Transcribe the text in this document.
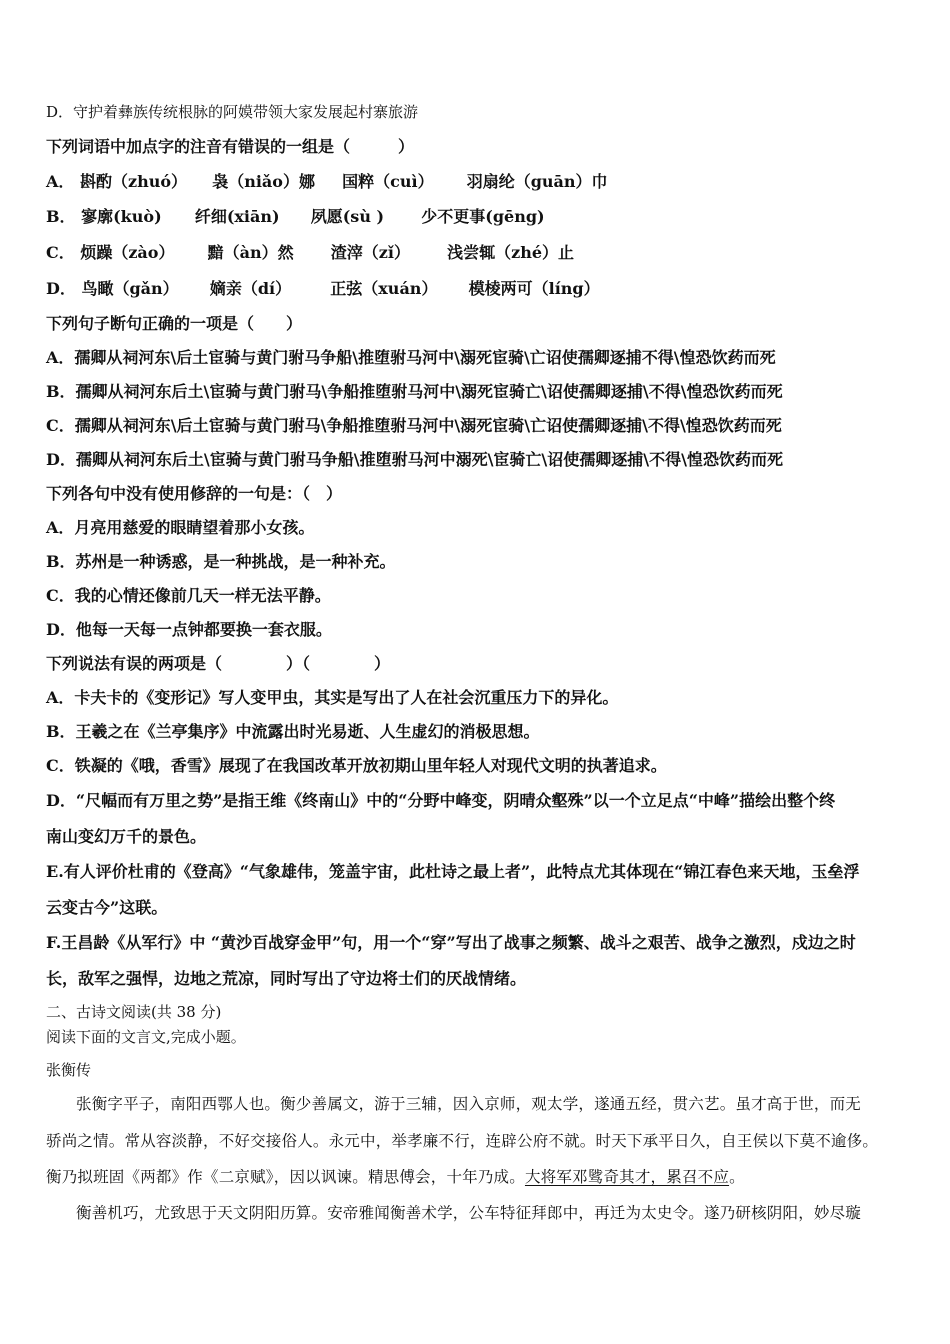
D．守护着彝族传统根脉的阿嫫带领大家发展起村寨旅游
下列词语中加点字的注音有错误的一组是（　　　）
A． 斟酌（zhuó） 袅（niǎo）娜 国粹（cuì） 羽扇纶（guān）巾
B． 寥廓(kuò) 纤细(xiān) 夙愿(sù ) 少不更事(gēng)
C． 烦躁（zào） 黯（àn）然 渣滓（zǐ） 浅尝辄（zhé）止
D． 鸟瞰（gǎn） 嫡亲（dí） 正弦（xuán） 模棱两可（líng）
下列句子断句正确的一项是（　　）
A．孺卿从祠河东\后土宦骑与黄门驸马争船\推堕驸马河中\溺死宦骑\亡诏使孺卿逐捕不得\惶恐饮药而死
B．孺卿从祠河东后土\宦骑与黄门驸马\争船推堕驸马河中\溺死宦骑亡\诏使孺卿逐捕\不得\惶恐饮药而死
C．孺卿从祠河东\后土宦骑与黄门驸马\争船推堕驸马河中\溺死宦骑\亡诏使孺卿逐捕\不得\惶恐饮药而死
D．孺卿从祠河东后土\宦骑与黄门驸马争船\推堕驸马河中溺死\宦骑亡\诏使孺卿逐捕\不得\惶恐饮药而死
下列各句中没有使用修辞的一句是：（　）
A．月亮用慈爱的眼睛望着那小女孩。
B．苏州是一种诱惑，是一种挑战，是一种补充。
C．我的心情还像前几天一样无法平静。
D．他每一天每一点钟都要换一套衣服。
下列说法有误的两项是（　　　　）（　　　　）
A．卡夫卡的《变形记》写人变甲虫，其实是写出了人在社会沉重压力下的异化。
B．王羲之在《兰亭集序》中流露出时光易逝、人生虚幻的消极思想。
C．铁凝的《哦，香雪》展现了在我国改革开放初期山里年轻人对现代文明的执著追求。
D．“尺幅而有万里之势”是指王维《终南山》中的“分野中峰变，阴晴众壑殊”以一个立足点“中峰”描绘出整个终
南山变幻万千的景色。
E.有人评价杜甫的《登高》“气象雄伟，笼盖宇宙，此杜诗之最上者”，此特点尤其体现在“锦江春色来天地，玉垒浮
云变古今”这联。
F.王昌龄《从军行》中 “黄沙百战穿金甲”句，用一个“穿”写出了战事之频繁、战斗之艰苦、战争之激烈，戍边之时
长，敌军之强悍，边地之荒凉，同时写出了守边将士们的厌战情绪。
二、古诗文阅读(共 38 分)
阅读下面的文言文,完成小题。
张衡传
张衡字平子，南阳西鄂人也。衡少善属文，游于三辅，因入京师，观太学，遂通五经，贯六艺。虽才高于世，而无
骄尚之情。常从容淡静，不好交接俗人。永元中，举孝廉不行，连辟公府不就。时天下承平日久，自王侯以下莫不逾侈。
衡乃拟班固《两都》作《二京赋》，因以讽谏。精思傅会，十年乃成。大将军邓骘奇其才，累召不应。
衡善机巧，尤致思于天文阴阳历算。安帝雅闻衡善术学，公车特征拜郎中，再迁为太史令。遂乃研核阴阳，妙尽璇
